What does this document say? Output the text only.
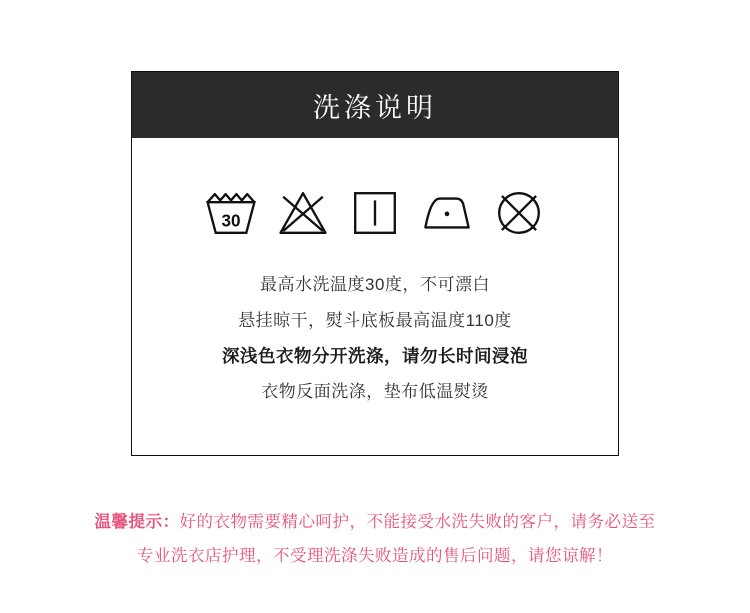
洗涤说明
30
最高水洗温度30度，不可漂白
悬挂晾干，熨斗底板最高温度110度
深浅色衣物分开洗涤，请勿长时间浸泡
衣物反面洗涤，垫布低温熨烫
温馨提示：好的衣物需要精心呵护，不能接受水洗失败的客户，请务必送至
专业洗衣店护理，不受理洗涤失败造成的售后问题，请您谅解！
